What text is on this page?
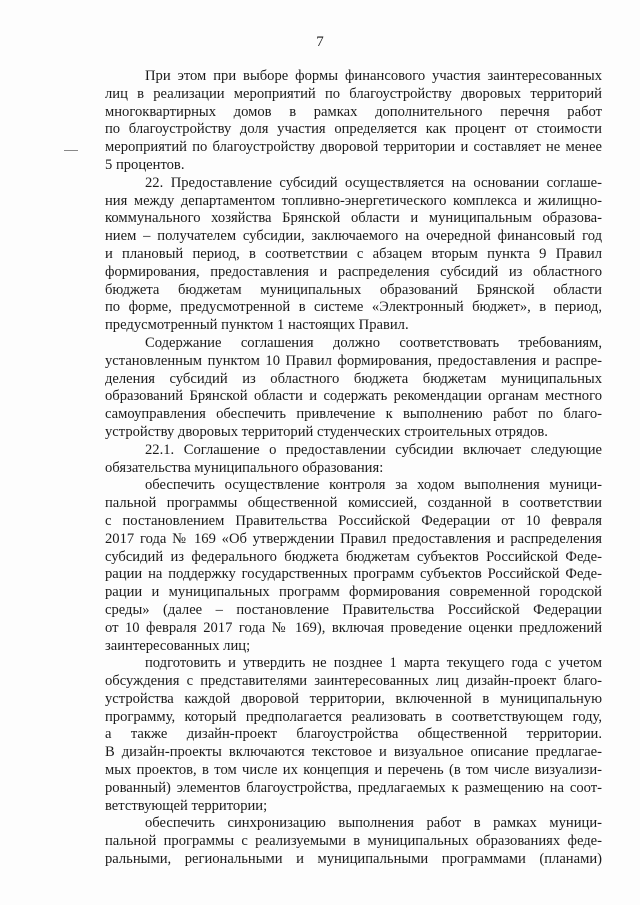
7
При этом при выборе формы финансового участия заинтересованных
лиц в реализации мероприятий по благоустройству дворовых территорий
многоквартирных домов в рамках дополнительного перечня работ
по благоустройству доля участия определяется как процент от стоимости
мероприятий по благоустройству дворовой территории и составляет не менее
5 процентов.
22. Предоставление субсидий осуществляется на основании соглаше-
ния между департаментом топливно-энергетического комплекса и жилищно-
коммунального хозяйства Брянской области и муниципальным образова-
нием – получателем субсидии, заключаемого на очередной финансовый год
и плановый период, в соответствии с абзацем вторым пункта 9 Правил
формирования, предоставления и распределения субсидий из областного
бюджета бюджетам муниципальных образований Брянской области
по форме, предусмотренной в системе «Электронный бюджет», в период,
предусмотренный пунктом 1 настоящих Правил.
Содержание соглашения должно соответствовать требованиям,
установленным пунктом 10 Правил формирования, предоставления и распре-
деления субсидий из областного бюджета бюджетам муниципальных
образований Брянской области и содержать рекомендации органам местного
самоуправления обеспечить привлечение к выполнению работ по благо-
устройству дворовых территорий студенческих строительных отрядов.
22.1. Соглашение о предоставлении субсидии включает следующие
обязательства муниципального образования:
обеспечить осуществление контроля за ходом выполнения муници-
пальной программы общественной комиссией, созданной в соответствии
с постановлением Правительства Российской Федерации от 10 февраля
2017 года № 169 «Об утверждении Правил предоставления и распределения
субсидий из федерального бюджета бюджетам субъектов Российской Феде-
рации на поддержку государственных программ субъектов Российской Феде-
рации и муниципальных программ формирования современной городской
среды» (далее – постановление Правительства Российской Федерации
от 10 февраля 2017 года № 169), включая проведение оценки предложений
заинтересованных лиц;
подготовить и утвердить не позднее 1 марта текущего года с учетом
обсуждения с представителями заинтересованных лиц дизайн-проект благо-
устройства каждой дворовой территории, включенной в муниципальную
программу, который предполагается реализовать в соответствующем году,
а также дизайн-проект благоустройства общественной территории.
В дизайн-проекты включаются текстовое и визуальное описание предлагае-
мых проектов, в том числе их концепция и перечень (в том числе визуализи-
рованный) элементов благоустройства, предлагаемых к размещению на соот-
ветствующей территории;
обеспечить синхронизацию выполнения работ в рамках муници-
пальной программы с реализуемыми в муниципальных образованиях феде-
ральными, региональными и муниципальными программами (планами)
